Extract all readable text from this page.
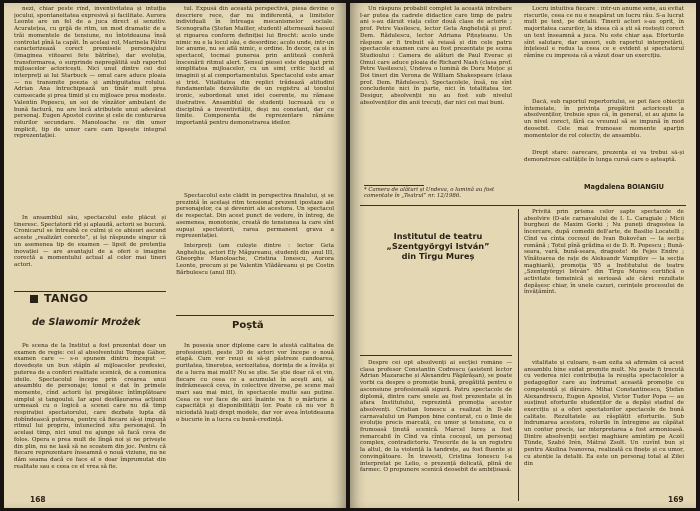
nezi, chiar peste rînd, inventivitatea și intuiția jocului, spontaneitatea expresivă și facilitate. Aurora Leonte are un fel de a juca direct și senzitiv. Acuratețea, cu grijă de ritm, un mod dramatic de a trăi momentele de tensiune, nu întotdeauna însă controlat pînă la capăt. În același rol, Marinela Pătru caracterizează corect premisele personajului (imaginea viitoarei fete bătrîne), dar evoluția, transformarea, o surprinde nepregătită sub raportul mijloacelor actoricești. Nici unul dintre cei doi interpreți ai lui Starbuck — omul care aduce ploaia — nu transmite poezia și ambiguitatea rolului. Adrian Ana întruchipează un tînăr mult prea cumsecade și prea timid și cu mijloace prea modeste. Valentin Popescu, un soi de vînzător ambulant de bună factură, nu are încă atributele unui adevărat personaj. Eugen Apostol cuvine și cele de conturarea rolurilor secundare. Manoloache ce din umor implicit, tip de umor care cam lipsește integral reprezentației.

În ansamblul său, spectacolul este plăcut și tineresc. Spectatorii rîd și aplaudă, actorii se bucură. Cronicarul se întreabă ce culmi și ce abisuri ascund aceste „realizări corecte”, și își răspunde singur că un asemenea tip de examen — lipsit de pretenția inovației — are avantajul de a oferi o imagine corectă a momentului actual al celor mai tineri actori.

TANGO
de Slawomir Mrożek

Pe scena de la Institut a fost prezentat doar un examen de regie: cel al absolventului Tompa Gábor, examen care — s-o spunem dintru început — dovedește un bun stăpîn al mijloacelor profesiei, puterea de a conferi realitate scenică, de a comunica ideile. Spectacolul începe prin crearea unui ansamblu de personaje; tonul e dat în primele momente, cînd actorii își pregătesc întîmplătoare simplul și tangoului. Iar apoi desfășurarea acțiunii urmează cu o logică a scenei care nu dă timp respirației spectatorului, care dezbate lupta dă dobîndească puterea, pentru că fiecare să-și impună ritmul lui propriu, întunecînd situ personajul. În același timp, nici unul nu ajunge să facă ceva de folos. Opera e prea mult de lîngă noi și ne privește din plin, nu ne lasă să ne scoatem din joc. Pentru că fiecare reprezentare înseamnă o nouă viziune, nu ne dăm seama dacă ce face el e doar împrumutat din realitate sau e ceea ce el vrea să fie.

tul. Expusă din această perspectivă, piesa devine o descriere rece, dar nu indiferentă, a limitelor individuali în întreaga mecanismelor sociale. Scenografia (Ștefan Mailler, student) alternează haosul și rigoarea conform definiției lui Brecht: acolo unde nimic nu e la locul său, e desordine; acolo unde, intr-un loc anume, nu se află nimic, e ordine. În decor, ca și în spectacol, tocmai punerea prin antiteză conferă înscenării ritmul alert. Sensul piesei este degajat prin simplitatea mijloacelor, cu un simț critic lucid al imaginii și al comportamentului. Spectacolul este amar și trist. Vitalitatea din replici trădează atitudini fundamentale dezvăluite de un registru al tonului ironic, subordonat unei idei coerente, nu rămase ilustrative. Ansamblul de studenți lucrează cu o disciplină a inventivității, deși nu constant, dar cu limite. Componenta de reprezentare rămâne importantă pentru demonstrarea ideilor.

Spectacolul este clădit în perspectiva finalului, și se prezintă în același ritm tensional prezent ipostaze ale personajelor, ca și deveniri ale acestora. Un spectacol de respectat. Din acest punct de vedere, în întreg, de asemenea, monotonie, creată de tensiunea la care sînt supuși spectatorii, rarea permanent grava a reprezentației.

Interpreți (am culește dintre : lector Geta Angheluța, actori Ely Măgureanu, studenți din anul III, Gheorghe Manoloache, Cristina Ionescu, Aurora Leonte, precum și pe Valentin Vlădăreanu și pe Costin Bărbulescu (anul III).

Poștă

În posesia unor diplome care le atestă calitatea de profesioniști, peste 30 de actori vor începe o nouă etapă. Cum vor reuși ei să-și păstreze candoarea, puritatea, tinerețea, seriozitatea, dorința de a învăța și de a lucra mai mult? Nu se știe. Se știe doar că ei vin, fiecare cu ceea ce a acumulat în acești ani, să îndrăznească ceva, în colective diverse, pe scene mai mari sau mai mici, în spectacole multe sau puține. Ceea ce vor face de aici înainte va fi o mărturie a capacității și disponibilității lor. Poate că nu vor fi niciodată luați drept modele, dar vor avea întotdeauna o bucurie în a lucra cu bună-credință.

168

Un răspuns probabil complet la această întrebare l-ar putea da cadrele didactice care timp de patru ani s-au dăruit viața celor două clase de actorie ; prof. Petre Vasilescu, lector Geta Angheluță și prof. Dem. Rădulescu, lector Adriana Pițeșteanu. Un răspuns ar fi trebuit să reiasă și din cele patru spectacole examen care au fost prezentate pe scena Studioului : Camera de alături de Paul Everac și Omul care aduce ploaia de Richard Nash (clasa prof. Petre Vasilescu), Undeva o lumină de Doru Moțoc și Doi tineri din Verona de William Shakespeare (clasa prof. Dem. Rădulescu). Spectacolele, însă, nu sînt concludente nici în parte, nici în totalitatea lor. Desigur, absolvenții nu au fost sub nivelul absolvenților din anii trecuți, dar nici cei mai buni.

* Camera de alături și Undeva, o lumină au fost comentate în „Teatrul” nr. 12/1986.

Locru intuitiva fiecare : într-un anume sens, au evitat riscurile, ceea ce nu e neapărat un lucru rău. S-a lucrat mult pe text, pe detalii. Tinerii actori s-au oprit, în majoritatea cazurilor, la ideea că a ști să rostești corect un text înseamnă a juca. Nu este chiar așa. Eforturile sînt salutare, dar uneori, sub raportul interpretării, înțelesul e redus la ceea ce e evident și spectatorul rămîne cu impresia că a văzut doar un exercițiu.

Dacă, sub raportul repertoriului, se pot face obiecții întemeiate, în privința pregătirii actoricești a absolvenților, trebuie spus că, în general, ei au ajuns la un nivel corect, fără ca vreunul să se impună în mod deosebit. Cele mai frumoase momente aparțin momentelor de rol colectiv, de ansamblu.

Drept stare: oarecare, prezența ei va trebui să-și demonstreze calitățile în lunga cursă care o așteaptă.

Magdalena BOIANGIU
Institutul de teatru
„Szentgyörgyi István”
din Tîrgu Mureș

Privită prin prisma celor șapte spectacole de absolvire (D-ale carnavalului de I. L. Caragiale ; Micii burghezi de Maxim Gorki ; Nu puneți dragostea la încercare, după comedii dell'arte, de Basilio Locatelli ; Cînd va cînta cocoșul de Ivan Bukovčan — la secția română ; Totul pînă grădina ei de D. R. Popescu ; Bună-seara, vară, bună-seara, dragoste! de Fejes Endre ; Vînătoarea de rațe de Aleksandr Vampilov — la secția maghiară), promoția '85 a Institutului de teatru „Szentgyörgyi István” din Tîrgu Mureș certifică o activitate temeinică și serioasă ale cărei rezultate depășesc chiar, în unele cazuri, cerințele procesului de învățămînt.

Despre cei opt absolvenți ai secției române — clasa profesor Constantin Codrescu (asistent lector Adrian Mazarache și Alexandru Făgărășan), se poate vorbi ca despre o promoție bună, pregătită pentru o ascensiune profesională sigură. Patru spectacole de diplomă, dintre care unele au fost prezentate și în afara Institutului, reprezintă promoția acestor absolvenți. Cristian Ionescu a realizat în D-ale carnavalului un Pampon bine conturat, cu o linie de evoluție precis marcată, cu umor și tensiune, cu o frumoasă ținută scenică. Marcel Iureș a fost remarcabil în Cînd va cînta cocoșul, un personaj complex, contradictoriu. Trecerile de la un registru la altul, de la violență la tandrețe, au fost fluente și convingătoare. În travesti, Cristina Ionescu l-a interpretat pe Lelio, o prezență delicată, plină de farmec. O propunere scenică deosebit de ambițioasă.

vitalitate și culoare, n-am ezita să afirmăm că acest ansamblu bine sudat promite mult. Nu poate fi trecută cu vederea nici contribuția la reușita spectacolelor a pedagogilor care au îndrumat această promoție cu competență și dăruire. Mihai Constantinescu, Ștefan Alexandrescu, Eugen Apostol, Victor Tudor Popa — au susținut eforturile studenților de a depăși stadiul de exercițiu și a oferi spectatorilor spectacole de bună calitate. Rezultatele au răsplătit eforturile. Sub îndrumarea acestora, rolurile în întregime au căpătat un contur precis, iar interpretarea a fost armonioasă. Dintre absolvenții secției maghiare amintim pe Aczél Tünde, Szabó Irén, Mátrai Zsolt. Un cuvînt bun și pentru Akulina Ivanovna, realizată cu finețe și cu umor, cu atenție la detalii. Ea este un personaj total al Zilei din

169
